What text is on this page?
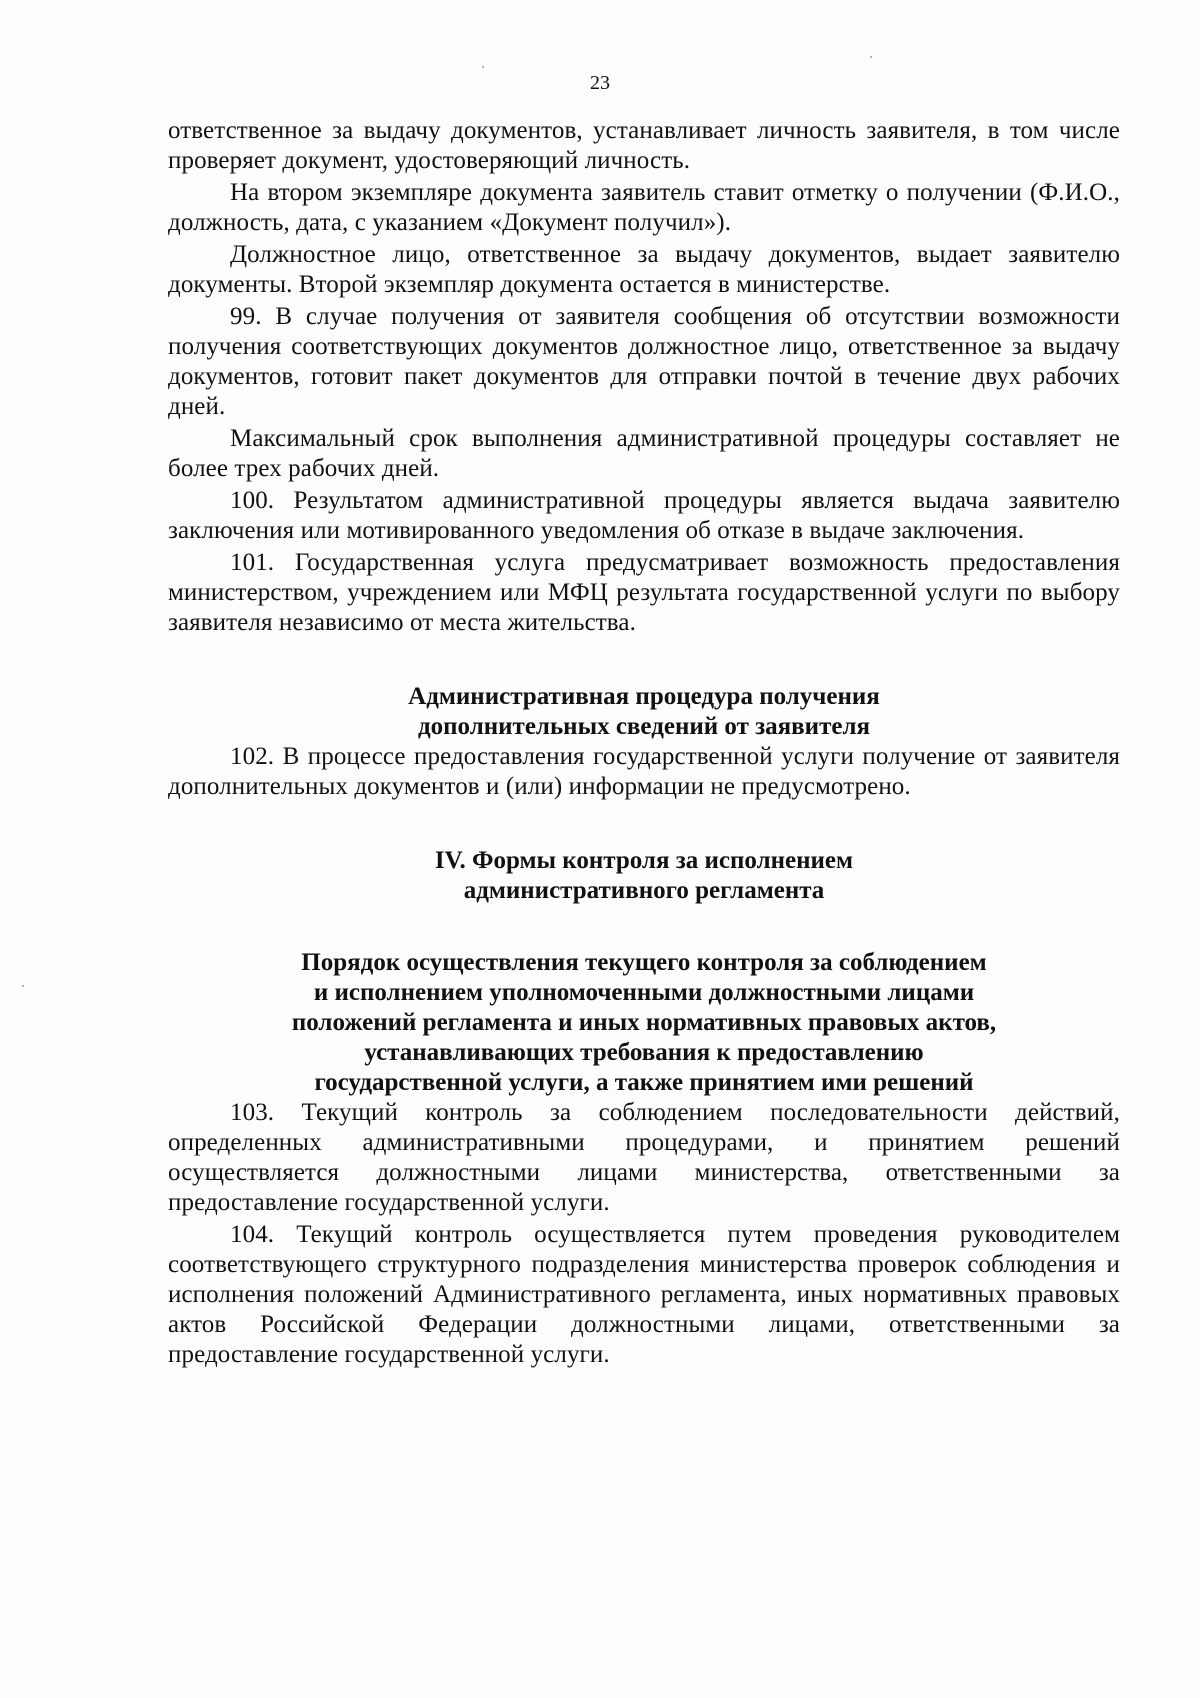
23

ответственное за выдачу документов, устанавливает личность заявителя, в том числе проверяет документ, удостоверяющий личность.

На втором экземпляре документа заявитель ставит отметку о получении (Ф.И.О., должность, дата, с указанием «Документ получил»).

Должностное лицо, ответственное за выдачу документов, выдает заявителю документы. Второй экземпляр документа остается в министерстве.

99. В случае получения от заявителя сообщения об отсутствии возможности получения соответствующих документов должностное лицо, ответственное за выдачу документов, готовит пакет документов для отправки почтой в течение двух рабочих дней.

Максимальный срок выполнения административной процедуры составляет не более трех рабочих дней.

100. Результатом административной процедуры является выдача заявителю заключения или мотивированного уведомления об отказе в выдаче заключения.

101. Государственная услуга предусматривает возможность предоставления министерством, учреждением или МФЦ результата государственной услуги по выбору заявителя независимо от места жительства.

Административная процедура получения
дополнительных сведений от заявителя

102. В процессе предоставления государственной услуги получение от заявителя дополнительных документов и (или) информации не предусмотрено.

IV. Формы контроля за исполнением
административного регламента
Порядок осуществления текущего контроля за соблюдением
и исполнением уполномоченными должностными лицами
положений регламента и иных нормативных правовых актов,
устанавливающих требования к предоставлению
государственной услуги, а также принятием ими решений

103. Текущий контроль за соблюдением последовательности действий, определенных административными процедурами, и принятием решений осуществляется должностными лицами министерства, ответственными за предоставление государственной услуги.

104. Текущий контроль осуществляется путем проведения руководителем соответствующего структурного подразделения министерства проверок соблюдения и исполнения положений Административного регламента, иных нормативных правовых актов Российской Федерации должностными лицами, ответственными за предоставление государственной услуги.
